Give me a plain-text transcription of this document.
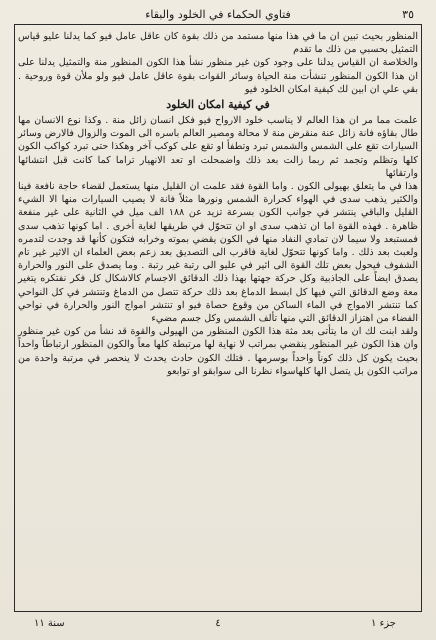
٣٥
فتاوي الحكماء في الخلود والبقاء

المنظور بحيث تبين ان ما في هذا منها مستمد من ذلك بقوة كان عاقل عامل فيو كما يدلنا عليو قياس التمثيل بحسبي من ذلك ما تقدم

والخلاصة ان القياس يدلنا على وجود كون غير منظور نشأ هذا الكون المنظور منة والتمثيل يدلنا على ان هذا الكون المنظور تنشأت منة الحياة وسائر القوات بقوة عاقل عامل فيو ولو ملأن قوة وروحية . بقي علي ان ابين لك كيفية امكان الخلود فيو

في كيفية امكان الخلود

علمت مما مر ان هذا العالم لا يناسب خلود الارواح فيو فكل انسان زائل منة . وكذا نوع الانسان مها طال بقاؤه فانة زائل عنة منقرض منة لا محالة ومصير العالم باسره الى الموت والزوال فالارض وسائر السيارات تقع على الشمس والشمس تبرد وتطفأ او تقع على كوكب آخر وهكذا حتى تبرد كواكب الكون كلها وتظلم وتجمد ثم ربما زالت بعد ذلك واضمحلت او تعد الانهيار تراما كما كانت قبل انتشائها وارتقائها

هذا في ما يتعلق بهيولى الكون . واما القوة فقد علمت ان القليل منها يستعمل لقضاء حاجة نافعة فينا والكثير يذهب سدى في الهواء كحرارة الشمس ونورها مثلاً فانة لا يصيب السيارات منها الا الشيء القليل والباقي ينتشر في جوانب الكون بسرعة تزيد عن ١٨٨ الف ميل في الثانية على غير منفعة ظاهرة . فهذه القوة اما ان تذهب سدى او ان تتحوّل في طريقها لغاية أخرى . اما كونها تذهب سدى فمستبعد ولا سيما لان تمادي النفاد منها في الكون يقضي بموته وخرابه فتكون كأنها قد وجدت لتدمره ولعبث بعد ذلك . واما كونها تتحوّل لغاية فاقرب الى التصديق بعد زعم بعض العلماء ان الاثير غير تام الشفوف فيحول بعض تلك القوة الى اثير في عليو الى رتبة غير رتبة . وما يصدق على النور والحرارة يصدق ايضاً على الجاذبية وكل حركة جهتها بهذا ذلك الدقائق الاجسام كالاشكال كل فكر نفتكره يتغير معة وضع الدقائق التي فيها كل ابسط الدماغ بعد ذلك حركة تتصل من الدماغ وتنتشر في كل النواحي كما تنتشر الامواج في الماء الساكن من وقوع حصاة فيو او تنتشر امواج النور والحرارة في نواحي الفضاء من اهتزاز الدقائق التي منها تألف الشمس وكل جسم مضيء

ولقد ابنت لك ان ما يتأتى بعد مثة هذا الكون المنظور من الهيولى والقوة قد نشأ من كون غير منظور وان هذا الكون غير المنظور ينقضي بمراتب لا نهاية لها مرتبطة كلها معاً والكون المنظور ارتباطاً واحداً بحيث يكون كل ذلك كوناً واحداً بوسرمها . فتلك الكون حادث يحدث لا ينحصر في مرتبة واحدة من مراتب الكون بل يتصل الها كلهاسواء نظرنا الى سوابقو او توابعو

جزء ١
٤
سنة ١١
